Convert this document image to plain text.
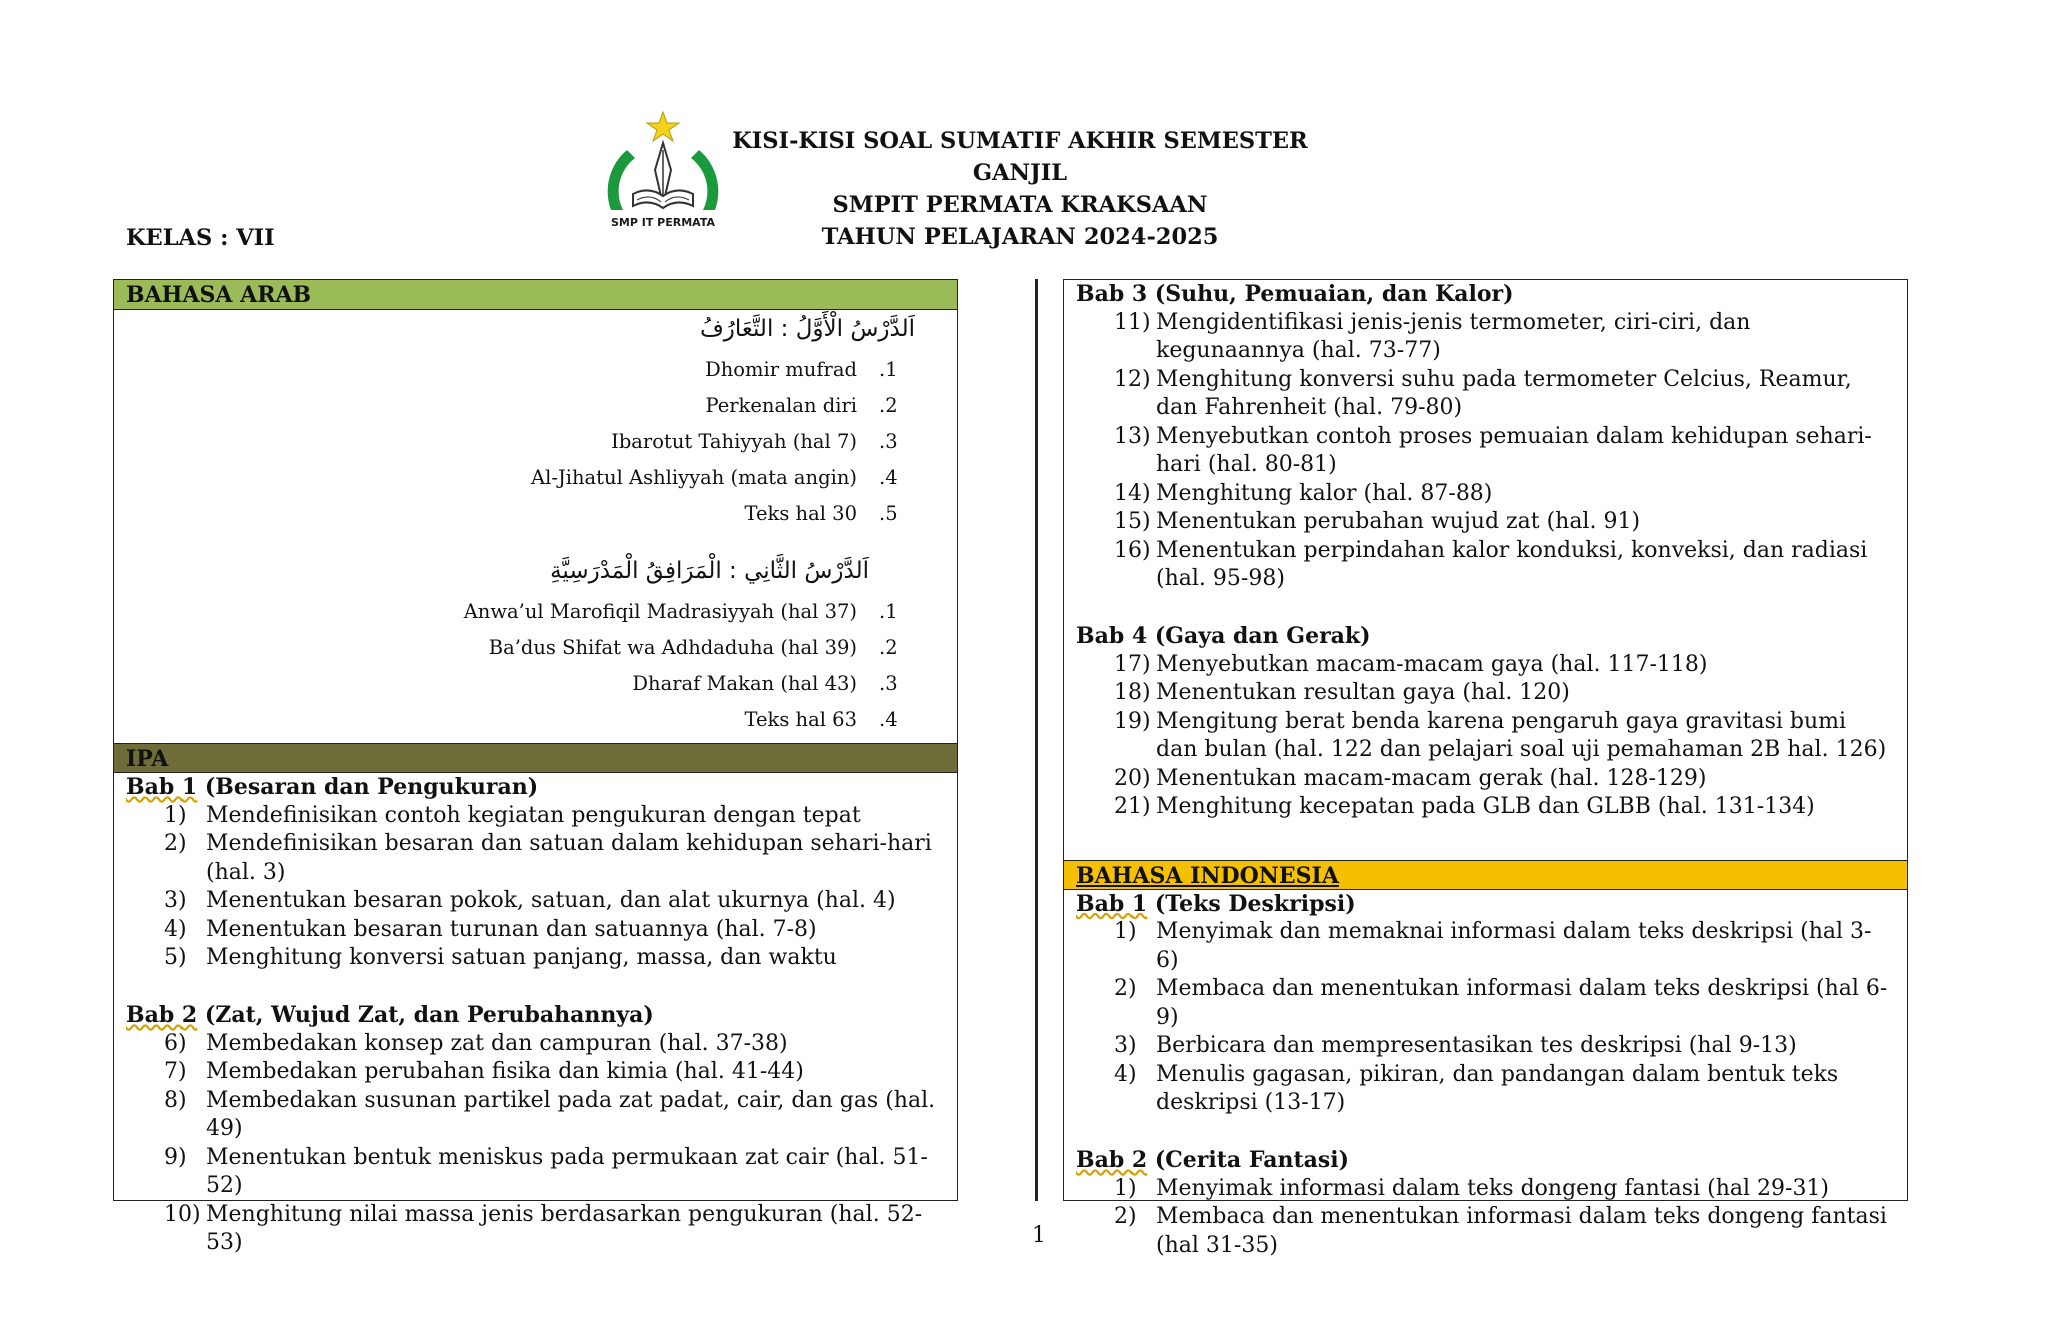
SMP IT PERMATA
KISI-KISI SOAL SUMATIF AKHIR SEMESTER GANJIL
SMPIT PERMATA KRAKSAAN
TAHUN PELAJARAN 2024-2025
KELAS : VII
BAHASA ARAB
اَلدَّرْسُ الْأَوَّلُ : التَّعَارُفُ
Dhomir mufrad .1
Perkenalan diri .2
Ibarotut Tahiyyah (hal 7) .3
Al-Jihatul Ashliyyah (mata angin) .4
Teks hal 30 .5
اَلدَّرْسُ الثَّانِي : الْمَرَافِقُ الْمَدْرَسِيَّةِ
Anwa’ul Marofiqil Madrasiyyah (hal 37) .1
Ba’dus Shifat wa Adhdaduha (hal 39) .2
Dharaf Makan (hal 43) .3
Teks hal 63 .4
IPA
Bab 1 (Besaran dan Pengukuran)
1) Mendefinisikan contoh kegiatan pengukuran dengan tepat
2) Mendefinisikan besaran dan satuan dalam kehidupan sehari-hari (hal. 3)
3) Menentukan besaran pokok, satuan, dan alat ukurnya (hal. 4)
4) Menentukan besaran turunan dan satuannya (hal. 7-8)
5) Menghitung konversi satuan panjang, massa, dan waktu
Bab 2 (Zat, Wujud Zat, dan Perubahannya)
6) Membedakan konsep zat dan campuran (hal. 37-38)
7) Membedakan perubahan fisika dan kimia (hal. 41-44)
8) Membedakan susunan partikel pada zat padat, cair, dan gas (hal. 49)
9) Menentukan bentuk meniskus pada permukaan zat cair (hal. 51-52)
10) Menghitung nilai massa jenis berdasarkan pengukuran (hal. 52-53)
Bab 3 (Suhu, Pemuaian, dan Kalor)
11) Mengidentifikasi jenis-jenis termometer, ciri-ciri, dan kegunaannya (hal. 73-77)
12) Menghitung konversi suhu pada termometer Celcius, Reamur, dan Fahrenheit (hal. 79-80)
13) Menyebutkan contoh proses pemuaian dalam kehidupan sehari-hari (hal. 80-81)
14) Menghitung kalor (hal. 87-88)
15) Menentukan perubahan wujud zat (hal. 91)
16) Menentukan perpindahan kalor konduksi, konveksi, dan radiasi (hal. 95-98)
Bab 4 (Gaya dan Gerak)
17) Menyebutkan macam-macam gaya (hal. 117-118)
18) Menentukan resultan gaya (hal. 120)
19) Mengitung berat benda karena pengaruh gaya gravitasi bumi dan bulan (hal. 122 dan pelajari soal uji pemahaman 2B hal. 126)
20) Menentukan macam-macam gerak (hal. 128-129)
21) Menghitung kecepatan pada GLB dan GLBB (hal. 131-134)
BAHASA INDONESIA
Bab 1 (Teks Deskripsi)
1) Menyimak dan memaknai informasi dalam teks deskripsi (hal 3-6)
2) Membaca dan menentukan informasi dalam teks deskripsi (hal 6-9)
3) Berbicara dan mempresentasikan tes deskripsi (hal 9-13)
4) Menulis gagasan, pikiran, dan pandangan dalam bentuk teks deskripsi (13-17)
Bab 2 (Cerita Fantasi)
1) Menyimak informasi dalam teks dongeng fantasi (hal 29-31)
2) Membaca dan menentukan informasi dalam teks dongeng fantasi (hal 31-35)
1
